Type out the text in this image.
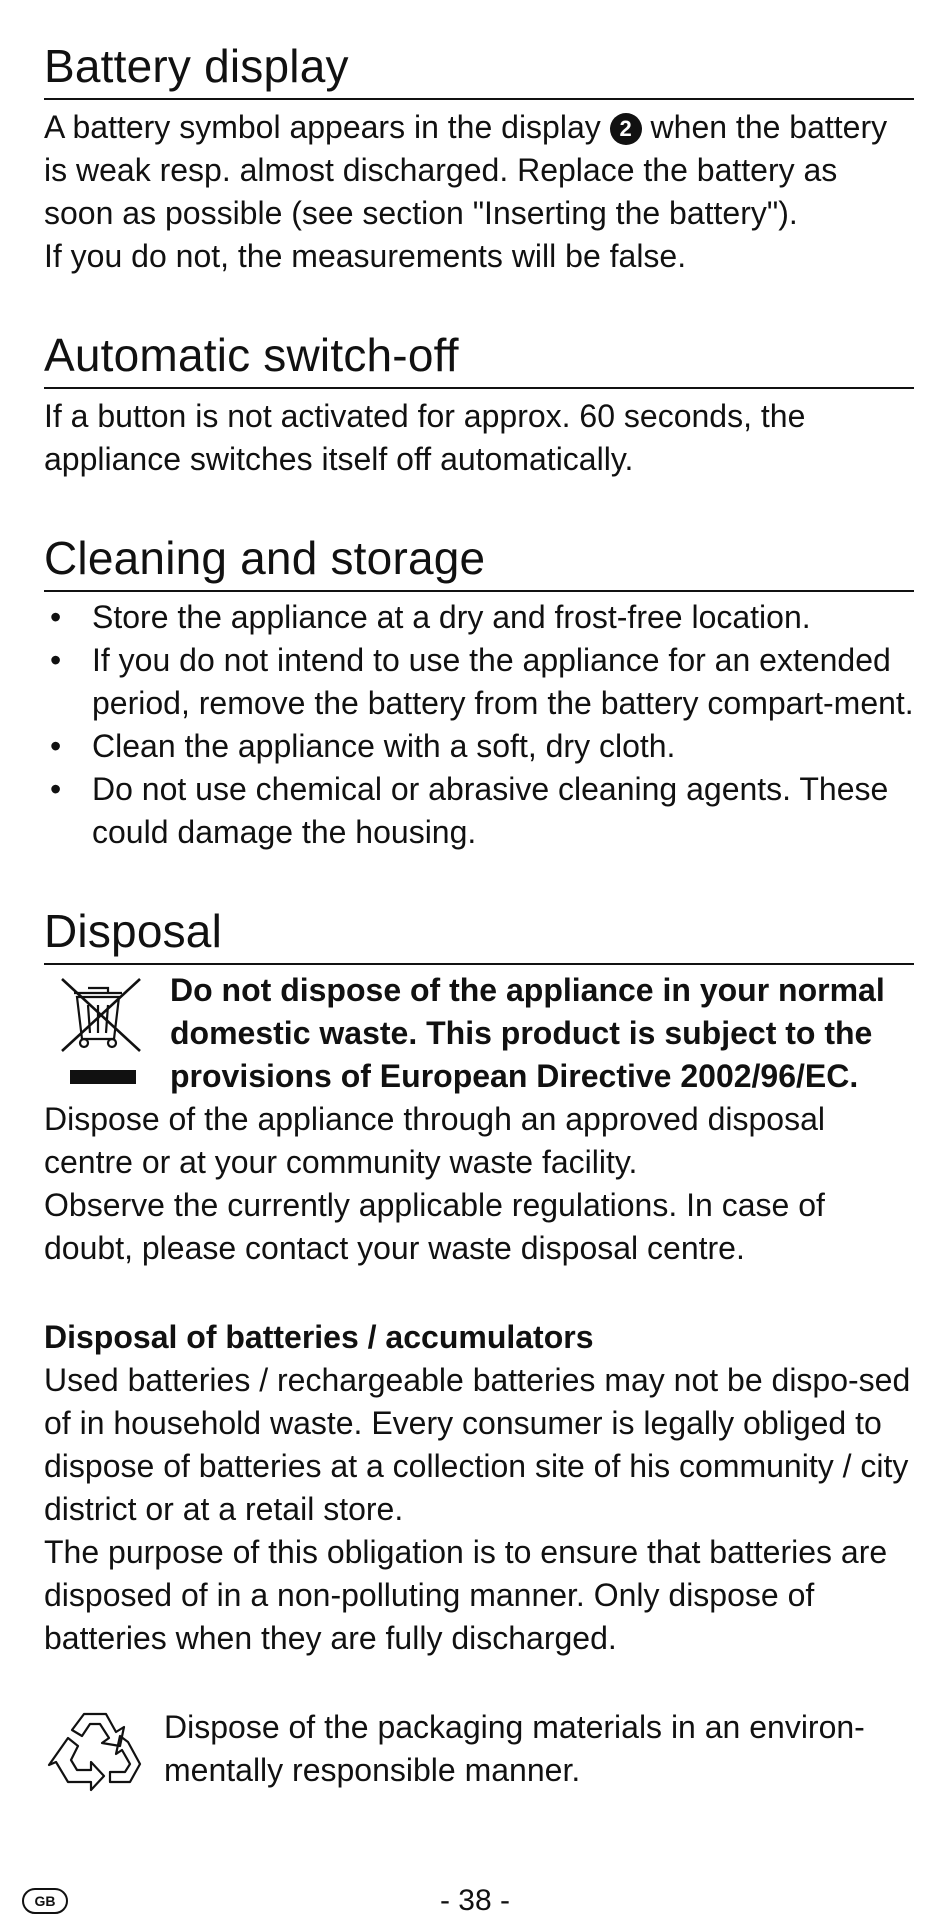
Battery display

A battery symbol appears in the display 2 when the battery is weak resp. almost discharged. Replace the battery as soon as possible (see section "Inserting the battery").

If you do not, the measurements will be false.

Automatic switch-off

If a button is not activated for approx. 60 seconds, the appliance switches itself off automatically.

Cleaning and storage
• Store the appliance at a dry and frost-free location.
• If you do not intend to use the appliance for an extended period, remove the battery from the battery compart-ment.
• Clean the appliance with a soft, dry cloth.
• Do not use chemical or abrasive cleaning agents. These could damage the housing.
Disposal

Do not dispose of the appliance in your normal domestic waste. This product is subject to the provisions of European Directive 2002/96/EC.

Dispose of the appliance through an approved disposal centre or at your community waste facility.

Observe the currently applicable regulations. In case of doubt, please contact your waste disposal centre.

Disposal of batteries / accumulators

Used batteries / rechargeable batteries may not be dispo-sed of in household waste. Every consumer is legally obliged to dispose of batteries at a collection site of his community / city district or at a retail store.

The purpose of this obligation is to ensure that batteries are disposed of in a non-polluting manner. Only dispose of batteries when they are fully discharged.

Dispose of the packaging materials in an environ-mentally responsible manner.

GB	- 38 -
